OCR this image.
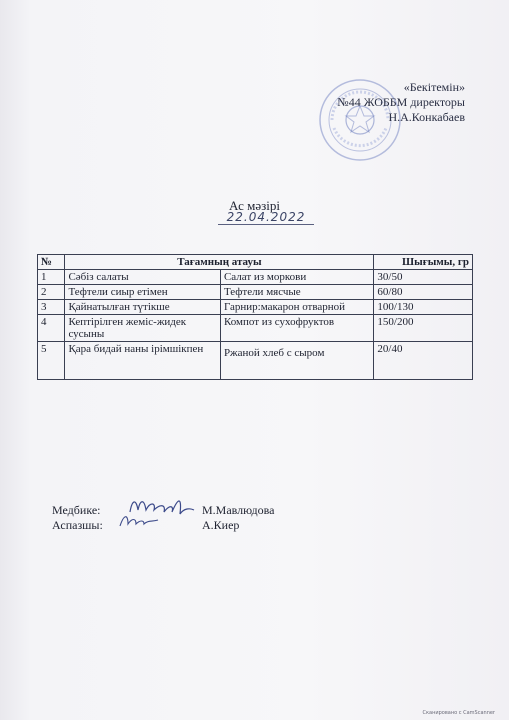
«Бекітемін»
№44 ЖОББМ директоры
Н.А.Конкабаев
Ас мәзірі
22.04.2022
№	Тағамның атауы		Шығымы, гр
1	Сәбіз салаты	Салат из моркови	30/50
2	Тефтели сиыр етімен	Тефтели мясчые	60/80
3	Қайнатылған түтікше	Гарнир:макарон отварной	100/130
4	Кептірілген жеміс-жидек сусыны	Компот из сухофруктов	150/200
5	Қара бидай наны ірімшікпен	Ржаной хлеб с сыром	20/40
Медбике:	М.Мавлюдова
Аспазшы:	А.Киер
Сканировано с CamScanner
